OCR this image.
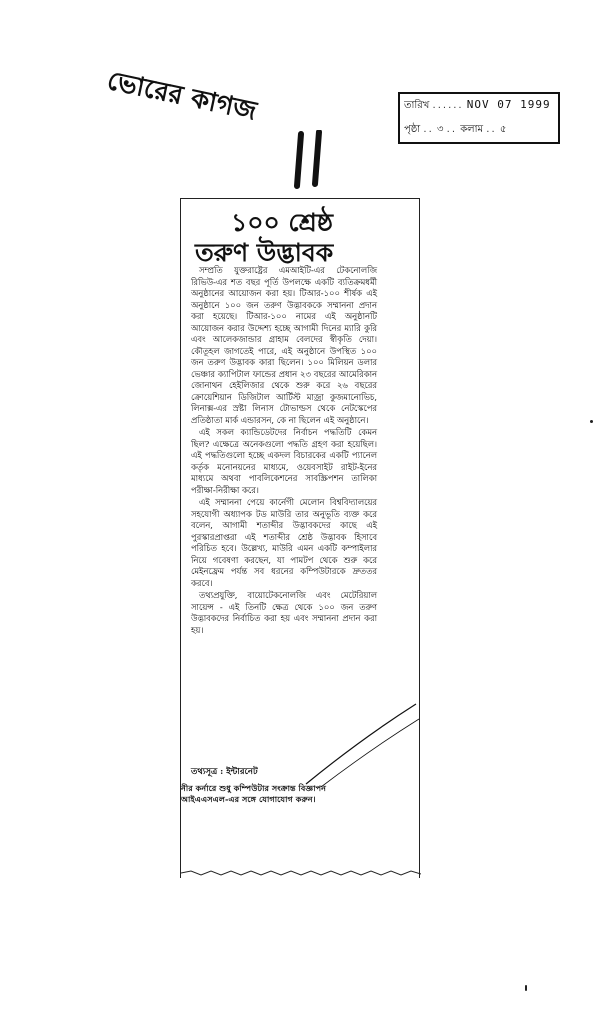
ভোরের কাগজ	তারিখ ...... NOV 07 1999
পৃষ্ঠা .. ৩ .. কলাম .. ৫
১০০ শ্রেষ্ঠ
তরুণ উদ্ভাবক

সম্প্রতি যুক্তরাষ্ট্রের এমআইটি-এর টেকনোলজি রিভিউ-এর শত বছর পূর্তি উপলক্ষে একটি ব্যতিক্রমধর্মী অনুষ্ঠানের আয়োজন করা হয়। টিআর-১০০ শীর্ষক এই অনুষ্ঠানে ১০০ জন তরুণ উদ্ভাবককে সম্মাননা প্রদান করা হয়েছে। টিআর-১০০ নামের এই অনুষ্ঠানটি আয়োজন করার উদ্দেশ্য হচ্ছে আগামী দিনের ম্যারি কুরি এবং আলেকজান্ডার গ্রাহাম বেলদের স্বীকৃতি দেয়া। কৌতূহল জাগতেই পারে, এই অনুষ্ঠানে উপস্থিত ১০০ জন তরুণ উদ্ভাবক কারা ছিলেন। ১০০ মিলিয়ন ডলার ভেঞ্চার ক্যাপিটাল ফান্ডের প্রধান ২৩ বছরের আমেরিকান জোনাথন হেইলিজার থেকে শুরু করে ২৬ বছরের ক্রোয়েশিয়ান ডিজিটাল আর্টিস্ট মাজ্রা কুজমানোভিচ, লিনাক্স-এর স্রষ্টা লিনাস টোভাল্ডস থেকে নেটস্কেপের প্রতিষ্ঠাতা মার্ক এন্ডারসন, কে না ছিলেন এই অনুষ্ঠানে।

এই সকল ক্যান্ডিডেটদের নির্বাচন পদ্ধতিটি কেমন ছিল? এক্ষেত্রে অনেকগুলো পদ্ধতি গ্রহণ করা হয়েছিল। এই পদ্ধতিগুলো হচ্ছে একদল বিচারকের একটি প্যানেল কর্তৃক মনোনয়নের মাধ্যমে, ওয়েবসাইট রাইট-ইনের মাধ্যমে অথবা পাবলিকেশনের সাবস্ক্রিপশন তালিকা পরীক্ষা-নিরীক্ষা করে।

এই সম্মাননা পেয়ে কার্নেগী মেলোন বিশ্ববিদ্যালয়ের সহযোগী অধ্যাপক টড মাউরি তার অনুভূতি ব্যক্ত করে বলেন, আগামী শতাব্দীর উদ্ভাবকদের কাছে এই পুরস্কারপ্রাপ্তরা এই শতাব্দীর শ্রেষ্ঠ উদ্ভাবক হিসাবে পরিচিত হবে। উল্লেখ্য, মাউরি এমন একটি কম্পাইলার নিয়ে গবেষণা করছেন, যা পামটপ থেকে শুরু করে মেইনফ্রেম পর্যন্ত সব ধরনের কম্পিউটারকে দ্রুততর করবে।

তথ্যপ্রযুক্তি, বায়োটেকনোলজি এবং মেটেরিয়াল সায়েন্স - এই তিনটি ক্ষেত্র থেকে ১০০ জন তরুণ উদ্ভাবকদের নির্বাচিত করা হয় এবং সম্মাননা প্রদান করা হয়।

তথ্যসূত্র : ইন্টারনেট
নীর কর্নারে শুধু কম্পিউটার সংক্রান্ত বিজ্ঞাপন
আইএএসএল-এর সঙ্গে যোগাযোগ করুন।
